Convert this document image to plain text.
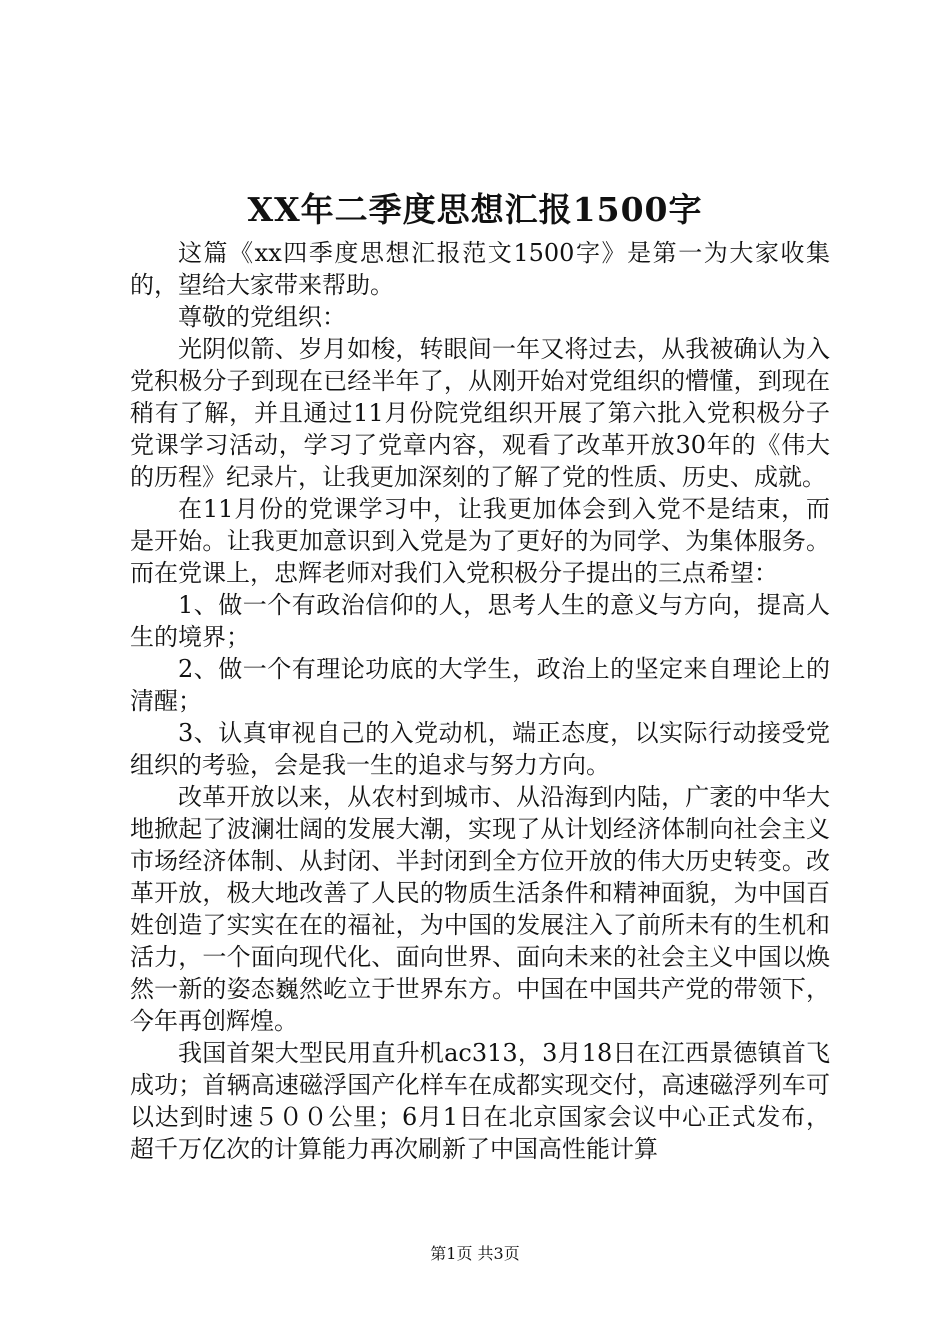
XX年二季度思想汇报1500字

这篇《xx四季度思想汇报范文1500字》是第一为大家收集的，望给大家带来帮助。

尊敬的党组织：

光阴似箭、岁月如梭，转眼间一年又将过去，从我被确认为入党积极分子到现在已经半年了，从刚开始对党组织的懵懂，到现在稍有了解，并且通过11月份院党组织开展了第六批入党积极分子党课学习活动，学习了党章内容，观看了改革开放30年的《伟大的历程》纪录片，让我更加深刻的了解了党的性质、历史、成就。

在11月份的党课学习中，让我更加体会到入党不是结束，而是开始。让我更加意识到入党是为了更好的为同学、为集体服务。而在党课上，忠辉老师对我们入党积极分子提出的三点希望：

1、做一个有政治信仰的人，思考人生的意义与方向，提高人生的境界；

2、做一个有理论功底的大学生，政治上的坚定来自理论上的清醒；

3、认真审视自己的入党动机，端正态度，以实际行动接受党组织的考验，会是我一生的追求与努力方向。

改革开放以来，从农村到城市、从沿海到内陆，广袤的中华大地掀起了波澜壮阔的发展大潮，实现了从计划经济体制向社会主义市场经济体制、从封闭、半封闭到全方位开放的伟大历史转变。改革开放，极大地改善了人民的物质生活条件和精神面貌，为中国百姓创造了实实在在的福祉，为中国的发展注入了前所未有的生机和活力，一个面向现代化、面向世界、面向未来的社会主义中国以焕然一新的姿态巍然屹立于世界东方。中国在中国共产党的带领下，今年再创辉煌。

我国首架大型民用直升机ac313，3月18日在江西景德镇首飞成功；首辆高速磁浮国产化样车在成都实现交付，高速磁浮列车可以达到时速５００公里；6月1日在北京国家会议中心正式发布，超千万亿次的计算能力再次刷新了中国高性能计算

第1页 共3页
